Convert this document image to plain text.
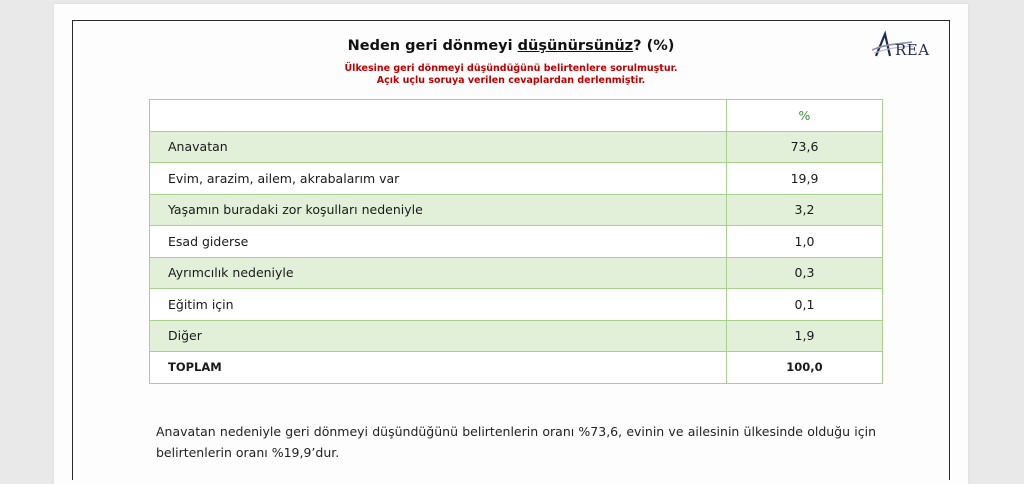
Neden geri dönmeyi düşünürsünüz? (%)
Ülkesine geri dönmeyi düşündüğünü belirtenlere sorulmuştur.
Açık uçlu soruya verilen cevaplardan derlenmiştir.
REA
	%
Anavatan	73,6
Evim, arazim, ailem, akrabalarım var	19,9
Yaşamın buradaki zor koşulları nedeniyle	3,2
Esad giderse	1,0
Ayrımcılık nedeniyle	0,3
Eğitim için	0,1
Diğer	1,9
TOPLAM	100,0
Anavatan nedeniyle geri dönmeyi düşündüğünü belirtenlerin oranı %73,6, evinin ve ailesinin ülkesinde olduğu için belirtenlerin oranı %19,9’dur.
